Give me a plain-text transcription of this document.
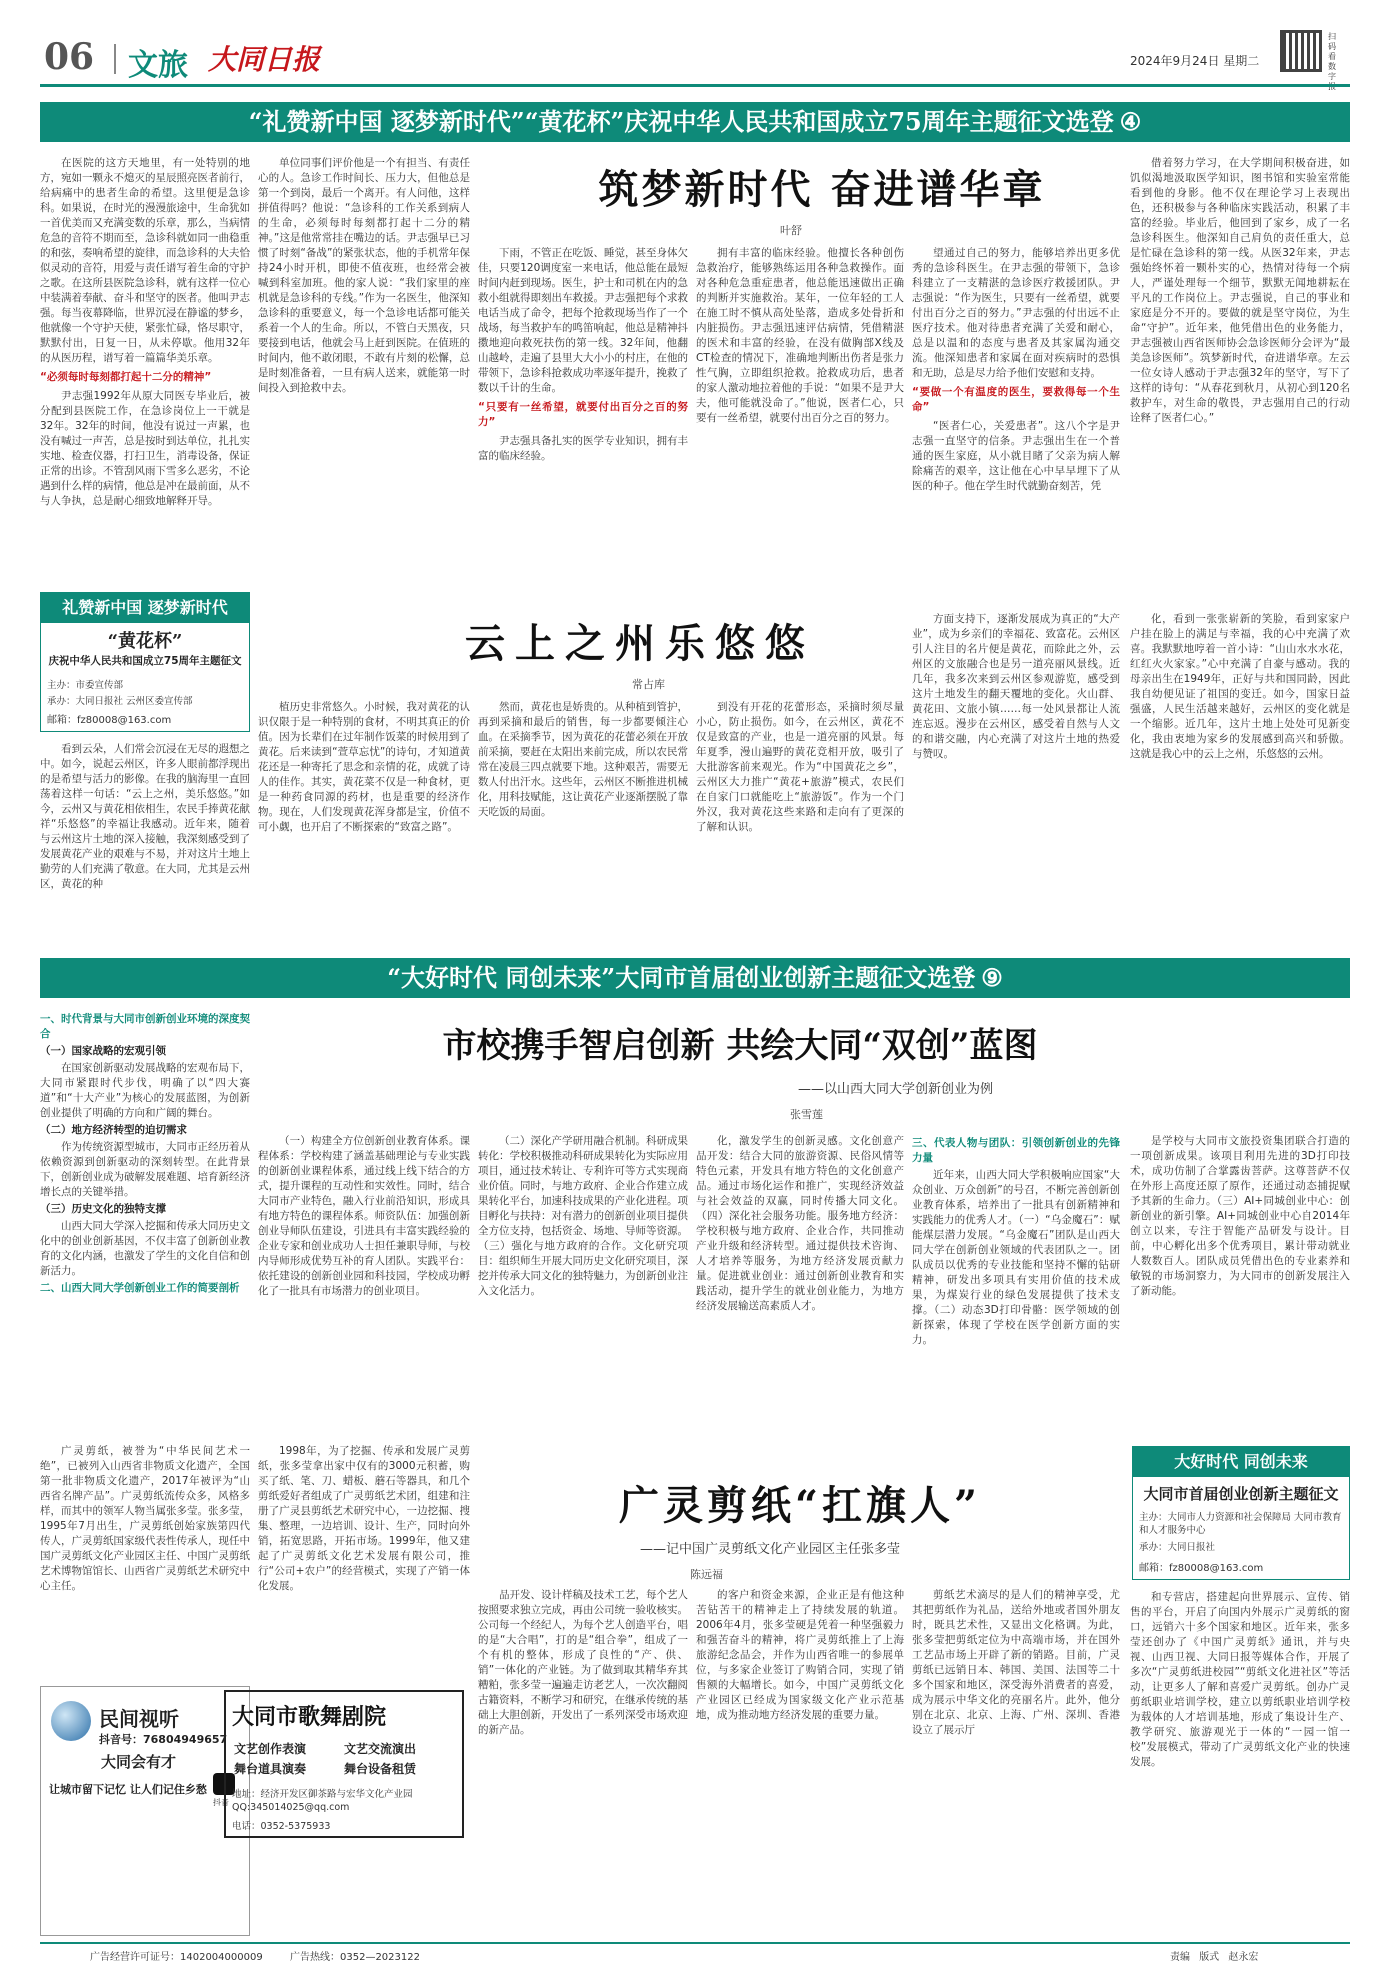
06 文旅 大同日报	2024年9月24日 星期二
扫码看数字
“礼赞新中国 逐梦新时代”“黄花杯”庆祝中华人民共和国成立75周年主题征文选登 ④

在医院的这方天地里，有一处特别的地方，宛如一颗永不熄灭的星辰照亮医者前行，给病痛中的患者生命的希望。这里便是急诊科。如果说，在时光的漫漫旅途中，生命犹如一首优美而又充满变数的乐章，那么，当病情危急的音符不期而至，急诊科就如同一曲稳重的和弦，奏响希望的旋律，而急诊科的大夫恰似灵动的音符，用爱与责任谱写着生命的守护之歌。在这所县医院急诊科，就有这样一位心中装满着奉献、奋斗和坚守的医者。他叫尹志强。每当夜幕降临，世界沉浸在静谧的梦乡，他就像一个守护天使，紧张忙碌，恪尽职守，默默付出，日复一日，从未停歇。他用32年的从医历程，谱写着一篇篇华美乐章。

“必须每时每刻都打起十二分的精神”

尹志强1992年从原大同医专毕业后，被分配到县医院工作，在急诊岗位上一干就是32年。32年的时间，他没有说过一声累，也没有喊过一声苦，总是按时到达单位，扎扎实实地、检查仪器，打扫卫生，消毒设备，保证正常的出诊。不管刮风雨下雪多么恶劣，不论遇到什么样的病情，他总是冲在最前面，从不与人争执，总是耐心细致地解释开导。

筑梦新时代 奋进谱华章
叶舒
单位同事们评价他是一个有担当、有责任心的人。急诊工作时间长、压力大，但他总是第一个到岗，最后一个离开。有人问他，这样拼值得吗？他说：“急诊科的工作关系到病人的生命，必须每时每刻都打起十二分的精神。”这是他常常挂在嘴边的话。尹志强早已习惯了时刻“备战”的紧张状态，他的手机常年保持24小时开机，即使不值夜班，也经常会被喊到科室加班。他的家人说：“我们家里的座机就是急诊科的专线。”作为一名医生，他深知急诊科的重要意义，每一个急诊电话都可能关系着一个人的生命。所以，不管白天黑夜，只要接到电话，他就会马上赶到医院。在值班的时间内，他不敢闭眼，不敢有片刻的松懈，总是时刻准备着，一旦有病人送来，就能第一时间投入到抢救中去。

下雨，不管正在吃饭、睡觉，甚至身体欠佳，只要120调度室一来电话，他总能在最短时间内赶到现场。医生，护士和司机在内的急救小组就得即刻出车救援。尹志强把每个求救电话当成了命令，把每个抢救现场当作了一个战场，每当救护车的鸣笛响起，他总是精神抖擞地迎向救死扶伤的第一线。32年间，他翻山越岭，走遍了县里大大小小的村庄，在他的带领下，急诊科抢救成功率逐年提升，挽救了数以千计的生命。

“只要有一丝希望，就要付出百分之百的努力”

尹志强具备扎实的医学专业知识，拥有丰富的临床经验。

拥有丰富的临床经验。他擅长各种创伤急救治疗，能够熟练运用各种急救操作。面对各种危急重症患者，他总能迅速做出正确的判断并实施救治。某年，一位年轻的工人在施工时不慎从高处坠落，造成多处骨折和内脏损伤。尹志强迅速评估病情，凭借精湛的医术和丰富的经验，在没有做胸部X线及CT检查的情况下，准确地判断出伤者是张力性气胸，立即组织抢救。抢救成功后，患者的家人激动地拉着他的手说：“如果不是尹大夫，他可能就没命了。”他说，医者仁心，只要有一丝希望，就要付出百分之百的努力。

望通过自己的努力，能够培养出更多优秀的急诊科医生。在尹志强的带领下，急诊科建立了一支精湛的急诊医疗救援团队。尹志强说：“作为医生，只要有一丝希望，就要付出百分之百的努力。”尹志强的付出远不止医疗技术。他对待患者充满了关爱和耐心，总是以温和的态度与患者及其家属沟通交流。他深知患者和家属在面对疾病时的恐惧和无助，总是尽力给予他们安慰和支持。

“要做一个有温度的医生，要救得每一个生命”

“医者仁心，关爱患者”。这八个字是尹志强一直坚守的信条。尹志强出生在一个普通的医生家庭，从小就目睹了父亲为病人解除痛苦的艰辛，这让他在心中早早埋下了从医的种子。他在学生时代就勤奋刻苦，凭

借着努力学习，在大学期间积极奋进，如饥似渴地汲取医学知识，图书馆和实验室常能看到他的身影。他不仅在理论学习上表现出色，还积极参与各种临床实践活动，积累了丰富的经验。毕业后，他回到了家乡，成了一名急诊科医生。他深知自己肩负的责任重大，总是忙碌在急诊科的第一线。从医32年来，尹志强始终怀着一颗朴实的心，热情对待每一个病人，严谨处理每一个细节，默默无闻地耕耘在平凡的工作岗位上。尹志强说，自己的事业和家庭是分不开的。要做的就是坚守岗位，为生命“守护”。近年来，他凭借出色的业务能力，尹志强被山西省医师协会急诊医师分会评为“最美急诊医师”。筑梦新时代，奋进谱华章。左云一位女诗人感动于尹志强32年的坚守，写下了这样的诗句：“从春花到秋月，从初心到120名救护车，对生命的敬畏，尹志强用自己的行动诠释了医者仁心。”
礼赞新中国 逐梦新时代
“黄花杯”
庆祝中华人民共和国成立75周年主题征文
主办：市委宣传部
承办：大同日报社 云州区委宣传部
邮箱：fz80008@163.com
看到云朵，人们常会沉浸在无尽的遐想之中。如今，说起云州区，许多人眼前都浮现出的是希望与活力的影像。在我的脑海里一直回荡着这样一句话：“云上之州，美乐悠悠。”如今，云州又与黄花相依相生，农民手捧黄花献祥“乐悠悠”的幸福让我感动。近年来，随着与云州这片土地的深入接触，我深刻感受到了发展黄花产业的艰难与不易，并对这片土地上勤劳的人们充满了敬意。在大同，尤其是云州区，黄花的种
云上之州乐悠悠
常占库
植历史非常悠久。小时候，我对黄花的认识仅限于是一种特别的食材，不明其真正的价值。因为长辈们在过年制作饭菜的时候用到了黄花。后来读到“萱草忘忧”的诗句，才知道黄花还是一种寄托了思念和亲情的花，成就了诗人的佳作。其实，黄花菜不仅是一种食材，更是一种药食同源的药材，也是重要的经济作物。现在，人们发现黄花浑身都是宝，价值不可小觑，也开启了不断探索的“致富之路”。
然而，黄花也是娇贵的。从种植到管护，再到采摘和最后的销售，每一步都要倾注心血。在采摘季节，因为黄花的花蕾必须在开放前采摘，要赶在太阳出来前完成，所以农民常常在凌晨三四点就要下地。这种艰苦，需要无数人付出汗水。这些年，云州区不断推进机械化，用科技赋能，这让黄花产业逐渐摆脱了靠天吃饭的局面。
到没有开花的花蕾形态，采摘时须尽量小心，防止损伤。如今，在云州区，黄花不仅是致富的产业，也是一道亮丽的风景。每年夏季，漫山遍野的黄花竞相开放，吸引了大批游客前来观光。作为“中国黄花之乡”，云州区大力推广“黄花+旅游”模式，农民们在自家门口就能吃上“旅游饭”。作为一个门外汉，我对黄花这些来路和走向有了更深的了解和认识。
方面支持下，逐渐发展成为真正的“大产业”，成为乡亲们的幸福花、致富花。云州区引人注目的名片便是黄花，而除此之外，云州区的文旅融合也是另一道亮丽风景线。近几年，我多次来到云州区参观游览，感受到这片土地发生的翻天覆地的变化。火山群、黄花田、文旅小镇……每一处风景都让人流连忘返。漫步在云州区，感受着自然与人文的和谐交融，内心充满了对这片土地的热爱与赞叹。
化，看到一张张崭新的笑脸，看到家家户户挂在脸上的满足与幸福，我的心中充满了欢喜。我默默地哼着一首小诗：“山山水水水花，红红火火家家。”心中充满了自豪与感动。我的母亲出生在1949年，正好与共和国同龄，因此我自幼便见证了祖国的变迁。如今，国家日益强盛，人民生活越来越好，云州区的变化就是一个缩影。近几年，这片土地上处处可见新变化，我由衷地为家乡的发展感到高兴和骄傲。这就是我心中的云上之州，乐悠悠的云州。
“大好时代 同创未来”大同市首届创业创新主题征文选登 ⑨
一、时代背景与大同市创新创业环境的深度契合
（一）国家战略的宏观引领

在国家创新驱动发展战略的宏观布局下，大同市紧跟时代步伐，明确了以“四大赛道”和“十大产业”为核心的发展蓝图，为创新创业提供了明确的方向和广阔的舞台。

（二）地方经济转型的迫切需求

作为传统资源型城市，大同市正经历着从依赖资源到创新驱动的深刻转型。在此背景下，创新创业成为破解发展难题、培育新经济增长点的关键举措。

（三）历史文化的独特支撑

山西大同大学深入挖掘和传承大同历史文化中的创业创新基因，不仅丰富了创新创业教育的文化内涵，也激发了学生的文化自信和创新活力。

二、山西大同大学创新创业工作的简要剖析
市校携手智启创新 共绘大同“双创”蓝图
——以山西大同大学创新创业为例
张雪莲
（一）构建全方位创新创业教育体系。课程体系：学校构建了涵盖基础理论与专业实践的创新创业课程体系，通过线上线下结合的方式，提升课程的互动性和实效性。同时，结合大同市产业特色，融入行业前沿知识，形成具有地方特色的课程体系。师资队伍：加强创新创业导师队伍建设，引进具有丰富实践经验的企业专家和创业成功人士担任兼职导师，与校内导师形成优势互补的育人团队。实践平台：依托建设的创新创业园和科技园，学校成功孵化了一批具有市场潜力的创业项目。
（二）深化产学研用融合机制。科研成果转化：学校积极推动科研成果转化为实际应用项目，通过技术转让、专利许可等方式实现商业价值。同时，与地方政府、企业合作建立成果转化平台，加速科技成果的产业化进程。项目孵化与扶持：对有潜力的创新创业项目提供全方位支持，包括资金、场地、导师等资源。（三）强化与地方政府的合作。文化研究项目：组织师生开展大同历史文化研究项目，深挖并传承大同文化的独特魅力，为创新创业注入文化活力。
化，激发学生的创新灵感。文化创意产品开发：结合大同的旅游资源、民俗风情等特色元素，开发具有地方特色的文化创意产品。通过市场化运作和推广，实现经济效益与社会效益的双赢，同时传播大同文化。（四）深化社会服务功能。服务地方经济：学校积极与地方政府、企业合作，共同推动产业升级和经济转型。通过提供技术咨询、人才培养等服务，为地方经济发展贡献力量。促进就业创业：通过创新创业教育和实践活动，提升学生的就业创业能力，为地方经济发展输送高素质人才。
三、代表人物与团队：引领创新创业的先锋力量

近年来，山西大同大学积极响应国家“大众创业、万众创新”的号召，不断完善创新创业教育体系，培养出了一批具有创新精神和实践能力的优秀人才。（一）“乌金魔石”：赋能煤层潜力发展。“乌金魔石”团队是山西大同大学在创新创业领域的代表团队之一。团队成员以优秀的专业技能和坚持不懈的钻研精神，研发出多项具有实用价值的技术成果，为煤炭行业的绿色发展提供了技术支撑。（二）动态3D打印骨骼：医学领域的创新探索，体现了学校在医学创新方面的实力。

是学校与大同市文旅投资集团联合打造的一项创新成果。该项目利用先进的3D打印技术，成功仿制了合掌露齿菩萨。这尊菩萨不仅在外形上高度还原了原作，还通过动态捕捉赋予其新的生命力。（三）AI+同城创业中心：创新创业的新引擎。AI+同城创业中心自2014年创立以来，专注于智能产品研发与设计。目前，中心孵化出多个优秀项目，累计带动就业人数数百人。团队成员凭借出色的专业素养和敏锐的市场洞察力，为大同市的创新发展注入了新动能。
广灵剪纸，被誉为“中华民间艺术一绝”，已被列入山西省非物质文化遗产，全国第一批非物质文化遗产，2017年被评为“山西省名牌产品”。广灵剪纸流传众多，风格多样，而其中的领军人物当属张多莹。张多莹，1995年7月出生，广灵剪纸创始家族第四代传人，广灵剪纸国家级代表性传承人，现任中国广灵剪纸文化产业园区主任、中国广灵剪纸艺术博物馆馆长、山西省广灵剪纸艺术研究中心主任。
1998年，为了挖掘、传承和发展广灵剪纸，张多莹拿出家中仅有的3000元积蓄，购买了纸、笔、刀、蜡板、蘑石等器具，和几个剪纸爱好者组成了广灵剪纸艺术团，组建和注册了广灵县剪纸艺术研究中心，一边挖掘、搜集、整理，一边培训、设计、生产，同时向外销，拓宽思路，开拓市场。1999年，他又建起了广灵剪纸文化艺术发展有限公司，推行“公司+农户”的经营模式，实现了产销一体化发展。
广灵剪纸“扛旗人”
——记中国广灵剪纸文化产业园区主任张多莹
陈远福
品开发、设计样稿及技术工艺，每个艺人按照要求独立完成，再由公司统一验收核实。公司每一个经纪人，为每个艺人创造平台，唱的是“大合唱”，打的是“组合拳”，组成了一个有机的整体，形成了良性的“产、供、销”一体化的产业链。为了做到取其精华弃其糟粕，张多莹一遍遍走访老艺人，一次次翻阅古籍资料，不断学习和研究，在继承传统的基础上大胆创新，开发出了一系列深受市场欢迎的新产品。
的客户和资金来源，企业正是有他这种苦钻苦干的精神走上了持续发展的轨道。2006年4月，张多莹硬是凭着一种坚强毅力和强苦奋斗的精神，将广灵剪纸推上了上海旅游纪念品会，并作为山西省唯一的参展单位，与多家企业签订了购销合同，实现了销售额的大幅增长。如今，中国广灵剪纸文化产业园区已经成为国家级文化产业示范基地，成为推动地方经济发展的重要力量。
剪纸艺术滴尽的是人们的精神享受，尤其把剪纸作为礼品，送给外地或者国外朋友时，既具艺术性，又显出文化格调。为此，张多莹把剪纸定位为中高端市场，并在国外工艺品市场上开辟了新的销路。目前，广灵剪纸已远销日本、韩国、美国、法国等二十多个国家和地区，深受海外消费者的喜爱，成为展示中华文化的亮丽名片。此外，他分别在北京、北京、上海、广州、深圳、香港设立了展示厅
和专营店，搭建起向世界展示、宣传、销售的平台，开启了向国内外展示广灵剪纸的窗口，远销六十多个国家和地区。近年来，张多莹还创办了《中国广灵剪纸》通讯，并与央视、山西卫视、大同日报等媒体合作，开展了多次“广灵剪纸进校园”“剪纸文化进社区”等活动，让更多人了解和喜爱广灵剪纸。创办广灵剪纸职业培训学校，建立以剪纸职业培训学校为载体的人才培训基地，形成了集设计生产、教学研究、旅游观光于一体的“一园一馆一校”发展模式，带动了广灵剪纸文化产业的快速发展。
大好时代 同创未来
大同市首届创业创新主题征文
主办：大同市人力资源和社会保障局 大同市教育和人才服务中心
承办：大同日报社
邮箱：fz80008@163.com
民间视听
抖音号：76804949657
大同会有才
让城市留下记忆 让人们记住乡愁
抖音
大同市歌舞剧院
文艺创作表演	文艺交流演出
舞台道具演奏	舞台设备租赁
地址：经济开发区御茶路与宏华文化产业园
QQ:345014025@qq.com
电话：0352-5375933
广告经营许可证号：1402004000009	广告热线：0352—2023122	责编 版式 赵永宏
